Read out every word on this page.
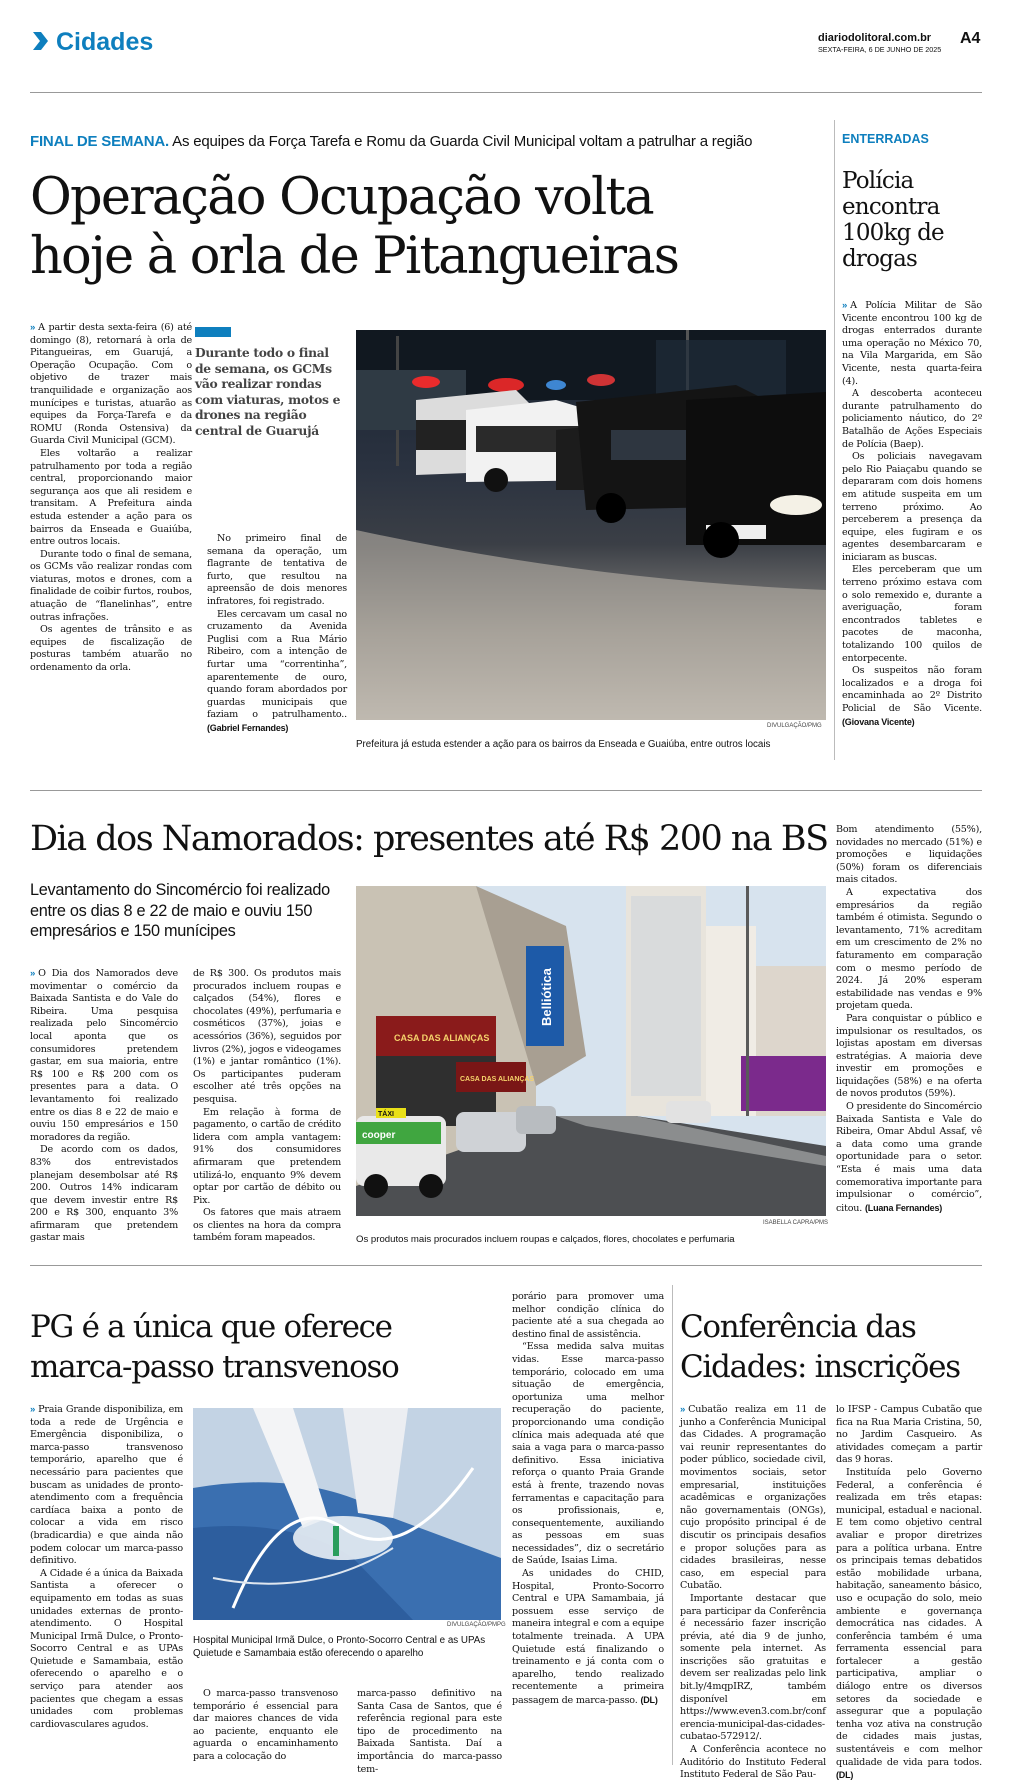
Cidades	diariodolitoral.com.br
SEXTA-FEIRA, 6 DE JUNHO DE 2025
A4
FINAL DE SEMANA. As equipes da Força Tarefa e Romu da Guarda Civil Municipal voltam a patrulhar a região
Operação Ocupação volta
hoje à orla de Pitangueiras

» A partir desta sexta-feira (6) até domingo (8), retornará à orla de Pitangueiras, em Guarujá, a Operação Ocupação. Com o objetivo de trazer mais tranquilidade e organização aos munícipes e turistas, atuarão as equipes da Força-Tarefa e da ROMU (Ronda Ostensiva) da Guarda Civil Municipal (GCM).

Eles voltarão a realizar patrulhamento por toda a região central, proporcionando maior segurança aos que ali residem e transitam. A Prefeitura ainda estuda estender a ação para os bairros da Enseada e Guaiúba, entre outros locais.

Durante todo o final de semana, os GCMs vão realizar rondas com viaturas, motos e drones, com a finalidade de coibir furtos, roubos, atuação de “flanelinhas”, entre outras infrações.

Os agentes de trânsito e as equipes de fiscalização de posturas também atuarão no ordenamento da orla.

Durante todo o final de semana, os GCMs vão realizar rondas com viaturas, motos e drones na região central de Guarujá

No primeiro final de semana da operação, um flagrante de tentativa de furto, que resultou na apreensão de dois menores infratores, foi registrado.

Eles cercavam um casal no cruzamento da Avenida Puglisi com a Rua Mário Ribeiro, com a intenção de furtar uma “correntinha”, aparentemente de ouro, quando foram abordados por guardas municipais que faziam o patrulhamento.. (Gabriel Fernandes)	DIVULGAÇÃO/PMG
Prefeitura já estuda estender a ação para os bairros da Enseada e Guaiúba, entre outros locais
ENTERRADAS
Polícia encontra 100kg de drogas

» A Polícia Militar de São Vicente encontrou 100 kg de drogas enterrados durante uma operação no México 70, na Vila Margarida, em São Vicente, nesta quarta-feira (4).

A descoberta aconteceu durante patrulhamento do policiamento náutico, do 2º Batalhão de Ações Especiais de Polícia (Baep).

Os policiais navegavam pelo Rio Paiaçabu quando se depararam com dois homens em atitude suspeita em um terreno próximo. Ao perceberem a presença da equipe, eles fugiram e os agentes desembarcaram e iniciaram as buscas.

Eles perceberam que um terreno próximo estava com o solo remexido e, durante a averiguação, foram encontrados tabletes e pacotes de maconha, totalizando 100 quilos de entorpecente.

Os suspeitos não foram localizados e a droga foi encaminhada ao 2º Distrito Policial de São Vicente. (Giovana Vicente)

Dia dos Namorados: presentes até R$ 200 na BS
Levantamento do Sincomércio foi realizado entre os dias 8 e 22 de maio e ouviu 150 empresários e 150 munícipes

» O Dia dos Namorados deve movimentar o comércio da Baixada Santista e do Vale do Ribeira. Uma pesquisa realizada pelo Sincomércio local aponta que os consumidores pretendem gastar, em sua maioria, entre R$ 100 e R$ 200 com os presentes para a data. O levantamento foi realizado entre os dias 8 e 22 de maio e ouviu 150 empresários e 150 moradores da região.

De acordo com os dados, 83% dos entrevistados planejam desembolsar até R$ 200. Outros 14% indicaram que devem investir entre R$ 200 e R$ 300, enquanto 3% afirmaram que pretendem gastar mais

de R$ 300. Os produtos mais procurados incluem roupas e calçados (54%), flores e chocolates (49%), perfumaria e cosméticos (37%), joias e acessórios (36%), seguidos por livros (2%), jogos e videogames (1%) e jantar romântico (1%). Os participantes puderam escolher até três opções na pesquisa.

Em relação à forma de pagamento, o cartão de crédito lidera com ampla vantagem: 91% dos consumidores afirmaram que pretendem utilizá-lo, enquanto 9% devem optar por cartão de débito ou Pix.

Os fatores que mais atraem os clientes na hora da compra também foram mapeados.

CASA DAS ALIANÇAS
Belliótica
CASA DAS ALIANÇAS
TÁXI
cooper
ISABELLA CAPRA/PMS
Os produtos mais procurados incluem roupas e calçados, flores, chocolates e perfumaria

Bom atendimento (55%), novidades no mercado (51%) e promoções e liquidações (50%) foram os diferenciais mais citados.

A expectativa dos empresários da região também é otimista. Segundo o levantamento, 71% acreditam em um crescimento de 2% no faturamento em comparação com o mesmo período de 2024. Já 20% esperam estabilidade nas vendas e 9% projetam queda.

Para conquistar o público e impulsionar os resultados, os lojistas apostam em diversas estratégias. A maioria deve investir em promoções e liquidações (58%) e na oferta de novos produtos (59%).

O presidente do Sincomércio Baixada Santista e Vale do Ribeira, Omar Abdul Assaf, vê a data como uma grande oportunidade para o setor. “Esta é mais uma data comemorativa importante para impulsionar o comércio”, citou. (Luana Fernandes)

PG é a única que oferece
marca-passo transvenoso

» Praia Grande disponibiliza, em toda a rede de Urgência e Emergência disponibiliza, o marca-passo transvenoso temporário, aparelho que é necessário para pacientes que buscam as unidades de pronto-atendimento com a frequência cardíaca baixa a ponto de colocar a vida em risco (bradicardia) e que ainda não podem colocar um marca-passo definitivo.

A Cidade é a única da Baixada Santista a oferecer o equipamento em todas as suas unidades externas de pronto-atendimento. O Hospital Municipal Irmã Dulce, o Pronto-Socorro Central e as UPAs Quietude e Samambaia, estão oferecendo o aparelho e o serviço para atender aos pacientes que chegam a essas unidades com problemas cardiovasculares agudos.

DIVULGAÇÃO/PMPG
Hospital Municipal Irmã Dulce, o Pronto-Socorro Central e as UPAs Quietude e Samambaia estão oferecendo o aparelho

O marca-passo transvenoso temporário é essencial para dar maiores chances de vida ao paciente, enquanto ele aguarda o encaminhamento para a colocação do

marca-passo definitivo na Santa Casa de Santos, que é referência regional para este tipo de procedimento na Baixada Santista. Daí a importância do marca-passo tem-

porário para promover uma melhor condição clínica do paciente até a sua chegada ao destino final de assistência.

“Essa medida salva muitas vidas. Esse marca-passo temporário, colocado em uma situação de emergência, oportuniza uma melhor recuperação do paciente, proporcionando uma condição clínica mais adequada até que saia a vaga para o marca-passo definitivo. Essa iniciativa reforça o quanto Praia Grande está à frente, trazendo novas ferramentas e capacitação para os profissionais, e, consequentemente, auxiliando as pessoas em suas necessidades”, diz o secretário de Saúde, Isaias Lima.

As unidades do CHID, Hospital, Pronto-Socorro Central e UPA Samambaia, já possuem esse serviço de maneira integral e com a equipe totalmente treinada. A UPA Quietude está finalizando o treinamento e já conta com o aparelho, tendo realizado recentemente a primeira passagem de marca-passo. (DL)

Conferência das
Cidades: inscrições

» Cubatão realiza em 11 de junho a Conferência Municipal das Cidades. A programação vai reunir representantes do poder público, sociedade civil, movimentos sociais, setor empresarial, instituições acadêmicas e organizações não governamentais (ONGs), cujo propósito principal é de discutir os principais desafios e propor soluções para as cidades brasileiras, nesse caso, em especial para Cubatão.

Importante destacar que para participar da Conferência é necessário fazer inscrição prévia, até dia 9 de junho, somente pela internet. As inscrições são gratuitas e devem ser realizadas pelo link bit.ly/4mqpIRZ, também disponível em https://www.even3.com.br/conferencia-municipal-das-cidades-cubatao-572912/.

A Conferência acontece no Auditório do Instituto Federal Instituto Federal de São Pau-

lo IFSP - Campus Cubatão que fica na Rua Maria Cristina, 50, no Jardim Casqueiro. As atividades começam a partir das 9 horas.

Instituída pelo Governo Federal, a conferência é realizada em três etapas: municipal, estadual e nacional. E tem como objetivo central avaliar e propor diretrizes para a política urbana. Entre os principais temas debatidos estão mobilidade urbana, habitação, saneamento básico, uso e ocupação do solo, meio ambiente e governança democrática nas cidades. A conferência também é uma ferramenta essencial para fortalecer a gestão participativa, ampliar o diálogo entre os diversos setores da sociedade e assegurar que a população tenha voz ativa na construção de cidades mais justas, sustentáveis e com melhor qualidade de vida para todos. (DL)
